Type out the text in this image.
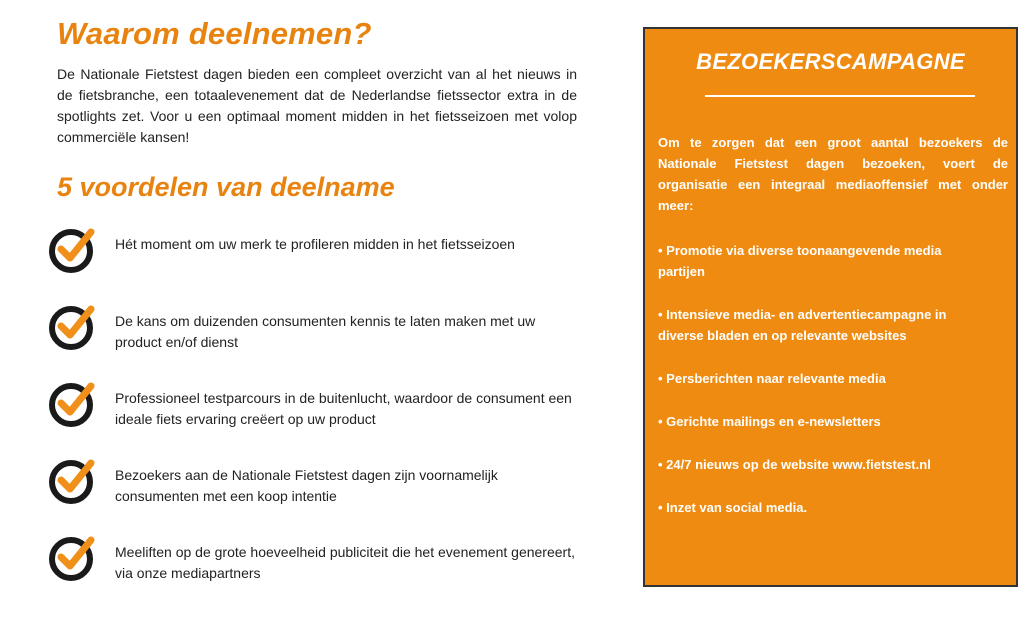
Waarom deelnemen?

De Nationale Fietstest dagen bieden een compleet overzicht van al het nieuws in de fietsbranche, een totaalevenement dat de Nederlandse fietssector extra in de spotlights zet. Voor u een optimaal moment midden in het fietsseizoen met volop commerciële kansen!

5 voordelen van deelname
Hét moment om uw merk te profileren midden in het fietsseizoen
De kans om duizenden consumenten kennis te laten maken met uw product en/of dienst
Professioneel testparcours in de buitenlucht, waardoor de consument een ideale fiets ervaring creëert op uw product
Bezoekers aan de Nationale Fietstest dagen zijn voornamelijk consumenten met een koop intentie
Meeliften op de grote hoeveelheid publiciteit die het evenement genereert, via onze mediapartners
BEZOEKERSCAMPAGNE

Om te zorgen dat een groot aantal bezoekers de Nationale Fietstest dagen bezoeken, voert de organisatie een integraal mediaoffensief met onder meer:

• Promotie via diverse toonaangevende media partijen
• Intensieve media- en advertentiecampagne in diverse bladen en op relevante websites
• Persberichten naar relevante media
• Gerichte mailings en e-newsletters
• 24/7 nieuws op de website www.fietstest.nl
• Inzet van social media.
